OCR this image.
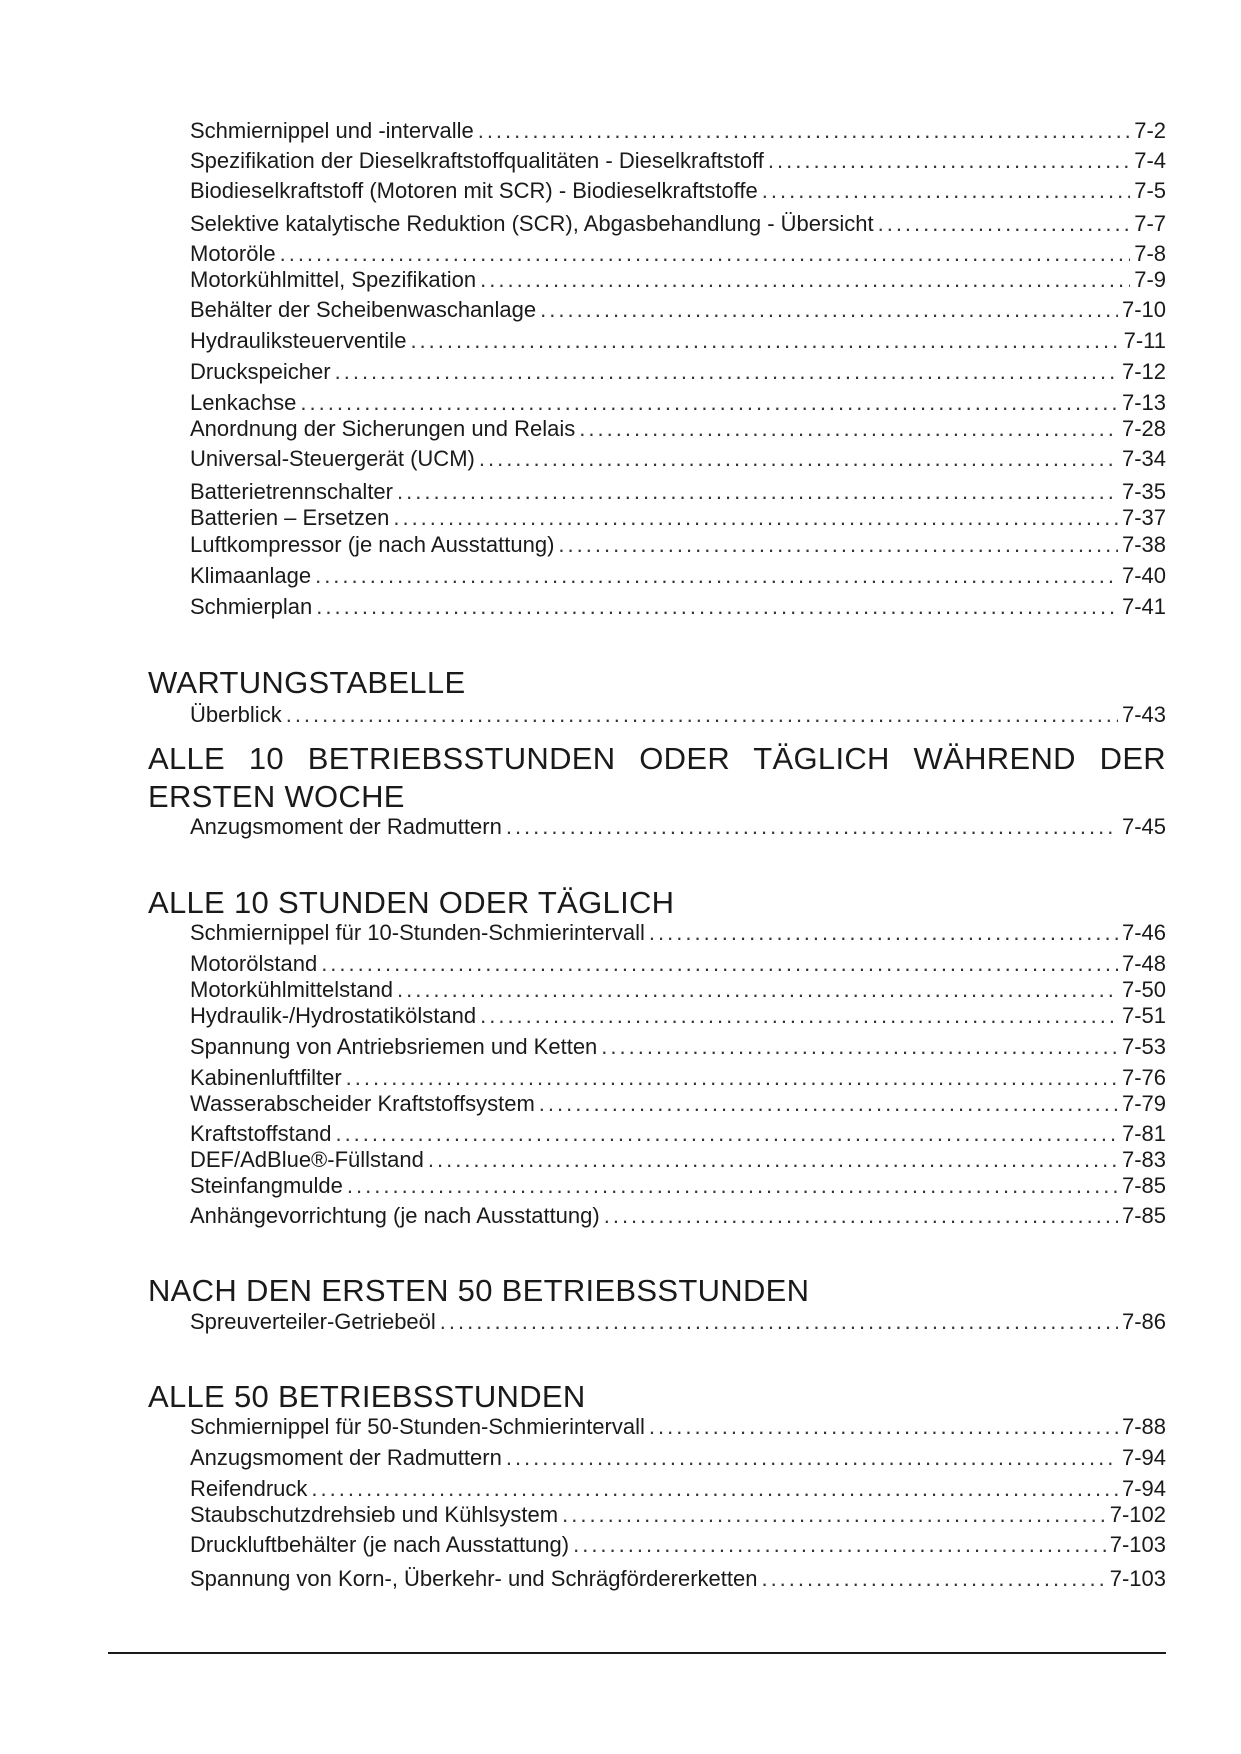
Schmiernippel und -intervalle .....	7-2
Spezifikation der Dieselkraftstoffqualitäten - Dieselkraftstoff .....	7-4
Biodieselkraftstoff (Motoren mit SCR) - Biodieselkraftstoffe .....	7-5
Selektive katalytische Reduktion (SCR), Abgasbehandlung - Übersicht .....	7-7
Motoröle .....	7-8
Motorkühlmittel, Spezifikation .....	7-9
Behälter der Scheibenwaschanlage .....	7-10
Hydrauliksteuerventile .....	7-11
Druckspeicher .....	7-12
Lenkachse .....	7-13
Anordnung der Sicherungen und Relais .....	7-28
Universal-Steuergerät (UCM) .....	7-34
Batterietrennschalter .....	7-35
Batterien – Ersetzen .....	7-37
Luftkompressor (je nach Ausstattung) .....	7-38
Klimaanlage .....	7-40
Schmierplan .....	7-41
WARTUNGSTABELLE
Überblick .....	7-43
ALLE 10 BETRIEBSSTUNDEN ODER TÄGLICH WÄHREND DER
ERSTEN WOCHE
Anzugsmoment der Radmuttern .....	7-45
ALLE 10 STUNDEN ODER TÄGLICH
Schmiernippel für 10-Stunden-Schmierintervall .....	7-46
Motorölstand .....	7-48
Motorkühlmittelstand .....	7-50
Hydraulik-/Hydrostatikölstand .....	7-51
Spannung von Antriebsriemen und Ketten .....	7-53
Kabinenluftfilter .....	7-76
Wasserabscheider Kraftstoffsystem .....	7-79
Kraftstoffstand .....	7-81
DEF/AdBlue®-Füllstand .....	7-83
Steinfangmulde .....	7-85
Anhängevorrichtung (je nach Ausstattung) .....	7-85
NACH DEN ERSTEN 50 BETRIEBSSTUNDEN
Spreuverteiler-Getriebeöl .....	7-86
ALLE 50 BETRIEBSSTUNDEN
Schmiernippel für 50-Stunden-Schmierintervall .....	7-88
Anzugsmoment der Radmuttern .....	7-94
Reifendruck .....	7-94
Staubschutzdrehsieb und Kühlsystem .....	7-102
Druckluftbehälter (je nach Ausstattung) .....	7-103
Spannung von Korn-, Überkehr- und Schrägfördererketten .....	7-103
